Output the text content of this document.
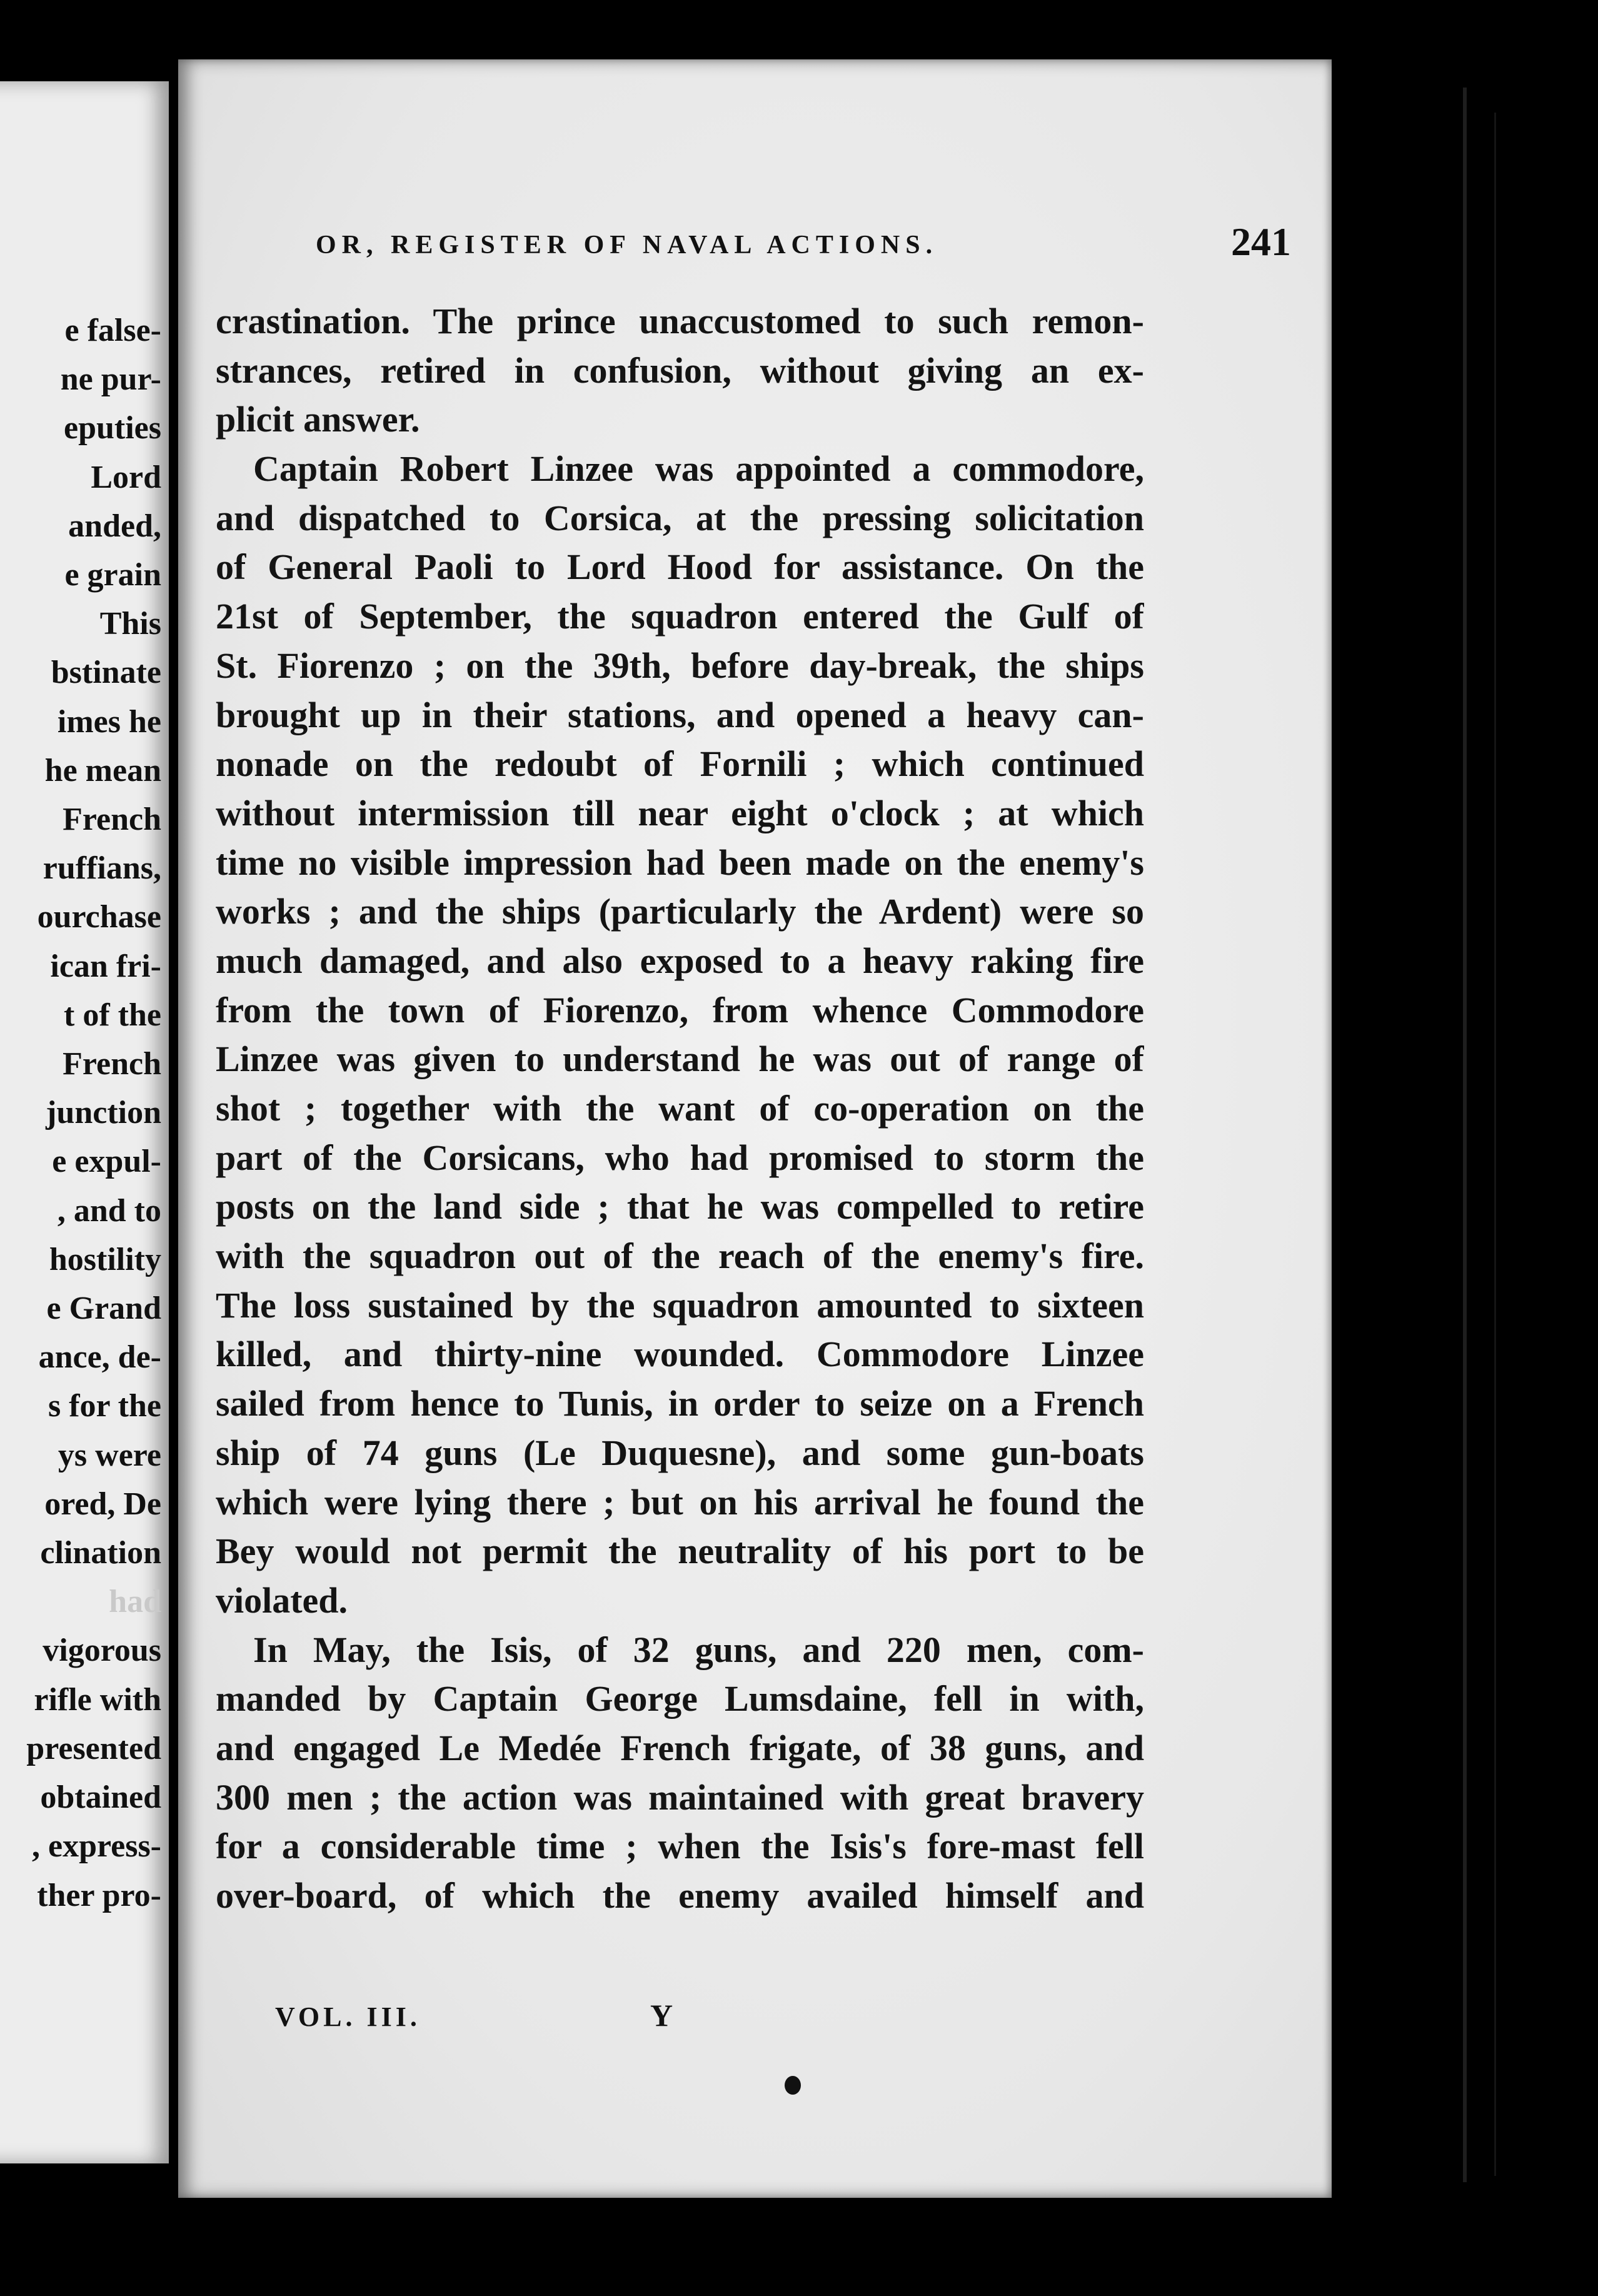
e false-
ne pur-
eputies
Lord
anded,
e grain
This
bstinate
imes he
he mean
French
ruffians,
ourchase
ican fri-
t of the
French
junction
e expul-
, and to
hostility
e Grand
ance, de-
s for the
ys were
ored, De
clination
had
vigorous
rifle with
presented
obtained
, express-
ther pro-
OR, REGISTER OF NAVAL ACTIONS.	241
crastination. The prince unaccustomed to such remon-
strances, retired in confusion, without giving an ex-
plicit answer.
Captain Robert Linzee was appointed a commodore,
and dispatched to Corsica, at the pressing solicitation
of General Paoli to Lord Hood for assistance. On the
21st of September, the squadron entered the Gulf of
St. Fiorenzo ; on the 39th, before day-break, the ships
brought up in their stations, and opened a heavy can-
nonade on the redoubt of Fornili ; which continued
without intermission till near eight o'clock ; at which
time no visible impression had been made on the enemy's
works ; and the ships (particularly the Ardent) were so
much damaged, and also exposed to a heavy raking fire
from the town of Fiorenzo, from whence Commodore
Linzee was given to understand he was out of range of
shot ; together with the want of co-operation on the
part of the Corsicans, who had promised to storm the
posts on the land side ; that he was compelled to retire
with the squadron out of the reach of the enemy's fire.
The loss sustained by the squadron amounted to sixteen
killed, and thirty-nine wounded. Commodore Linzee
sailed from hence to Tunis, in order to seize on a French
ship of 74 guns (Le Duquesne), and some gun-boats
which were lying there ; but on his arrival he found the
Bey would not permit the neutrality of his port to be
violated.
In May, the Isis, of 32 guns, and 220 men, com-
manded by Captain George Lumsdaine, fell in with,
and engaged Le Medée French frigate, of 38 guns, and
300 men ; the action was maintained with great bravery
for a considerable time ; when the Isis's fore-mast fell
over-board, of which the enemy availed himself and
VOL. III.	Y
